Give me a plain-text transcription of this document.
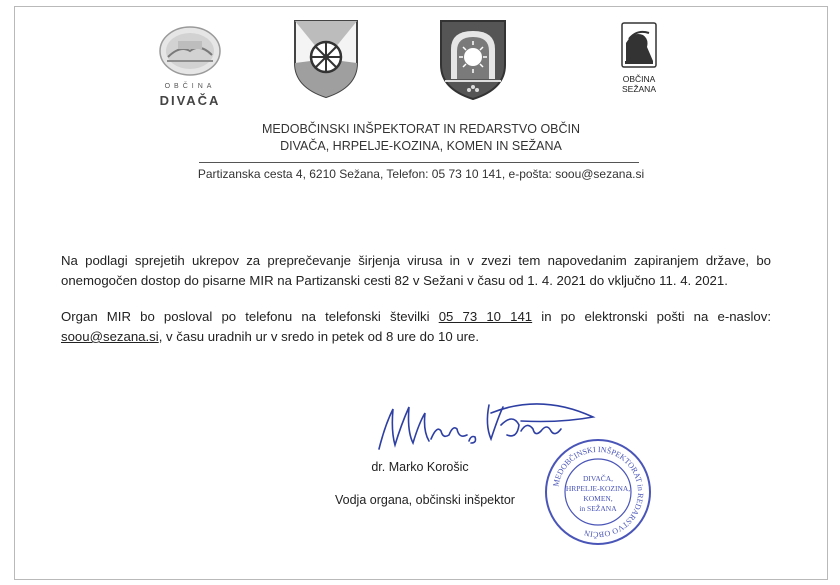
OBČINA
DIVAČA
OBČINA
SEŽANA
MEDOBČINSKI INŠPEKTORAT IN REDARSTVO OBČIN
DIVAČA, HRPELJE-KOZINA, KOMEN IN SEŽANA
Partizanska cesta 4, 6210 Sežana, Telefon: 05 73 10 141, e-pošta: soou@sezana.si
Na podlagi sprejetih ukrepov za preprečevanje širjenja virusa in v zvezi tem napovedanim zapiranjem države, bo onemogočen dostop do pisarne MIR na Partizanski cesti 82 v Sežani v času od 1. 4. 2021 do vključno 11. 4. 2021.
Organ MIR bo posloval po telefonu na telefonski številki 05 73 10 141 in po elektronski pošti na e-naslov: soou@sezana.si, v času uradnih ur v sredo in petek od 8 ure do 10 ure.
dr. Marko Korošic
Vodja organa, občinski inšpektor
MEDOBČINSKI INŠPEKTORAT in REDARSTVO OBČIN
DIVAČA,
HRPELJE-KOZINA,
KOMEN,
in SEŽANA
